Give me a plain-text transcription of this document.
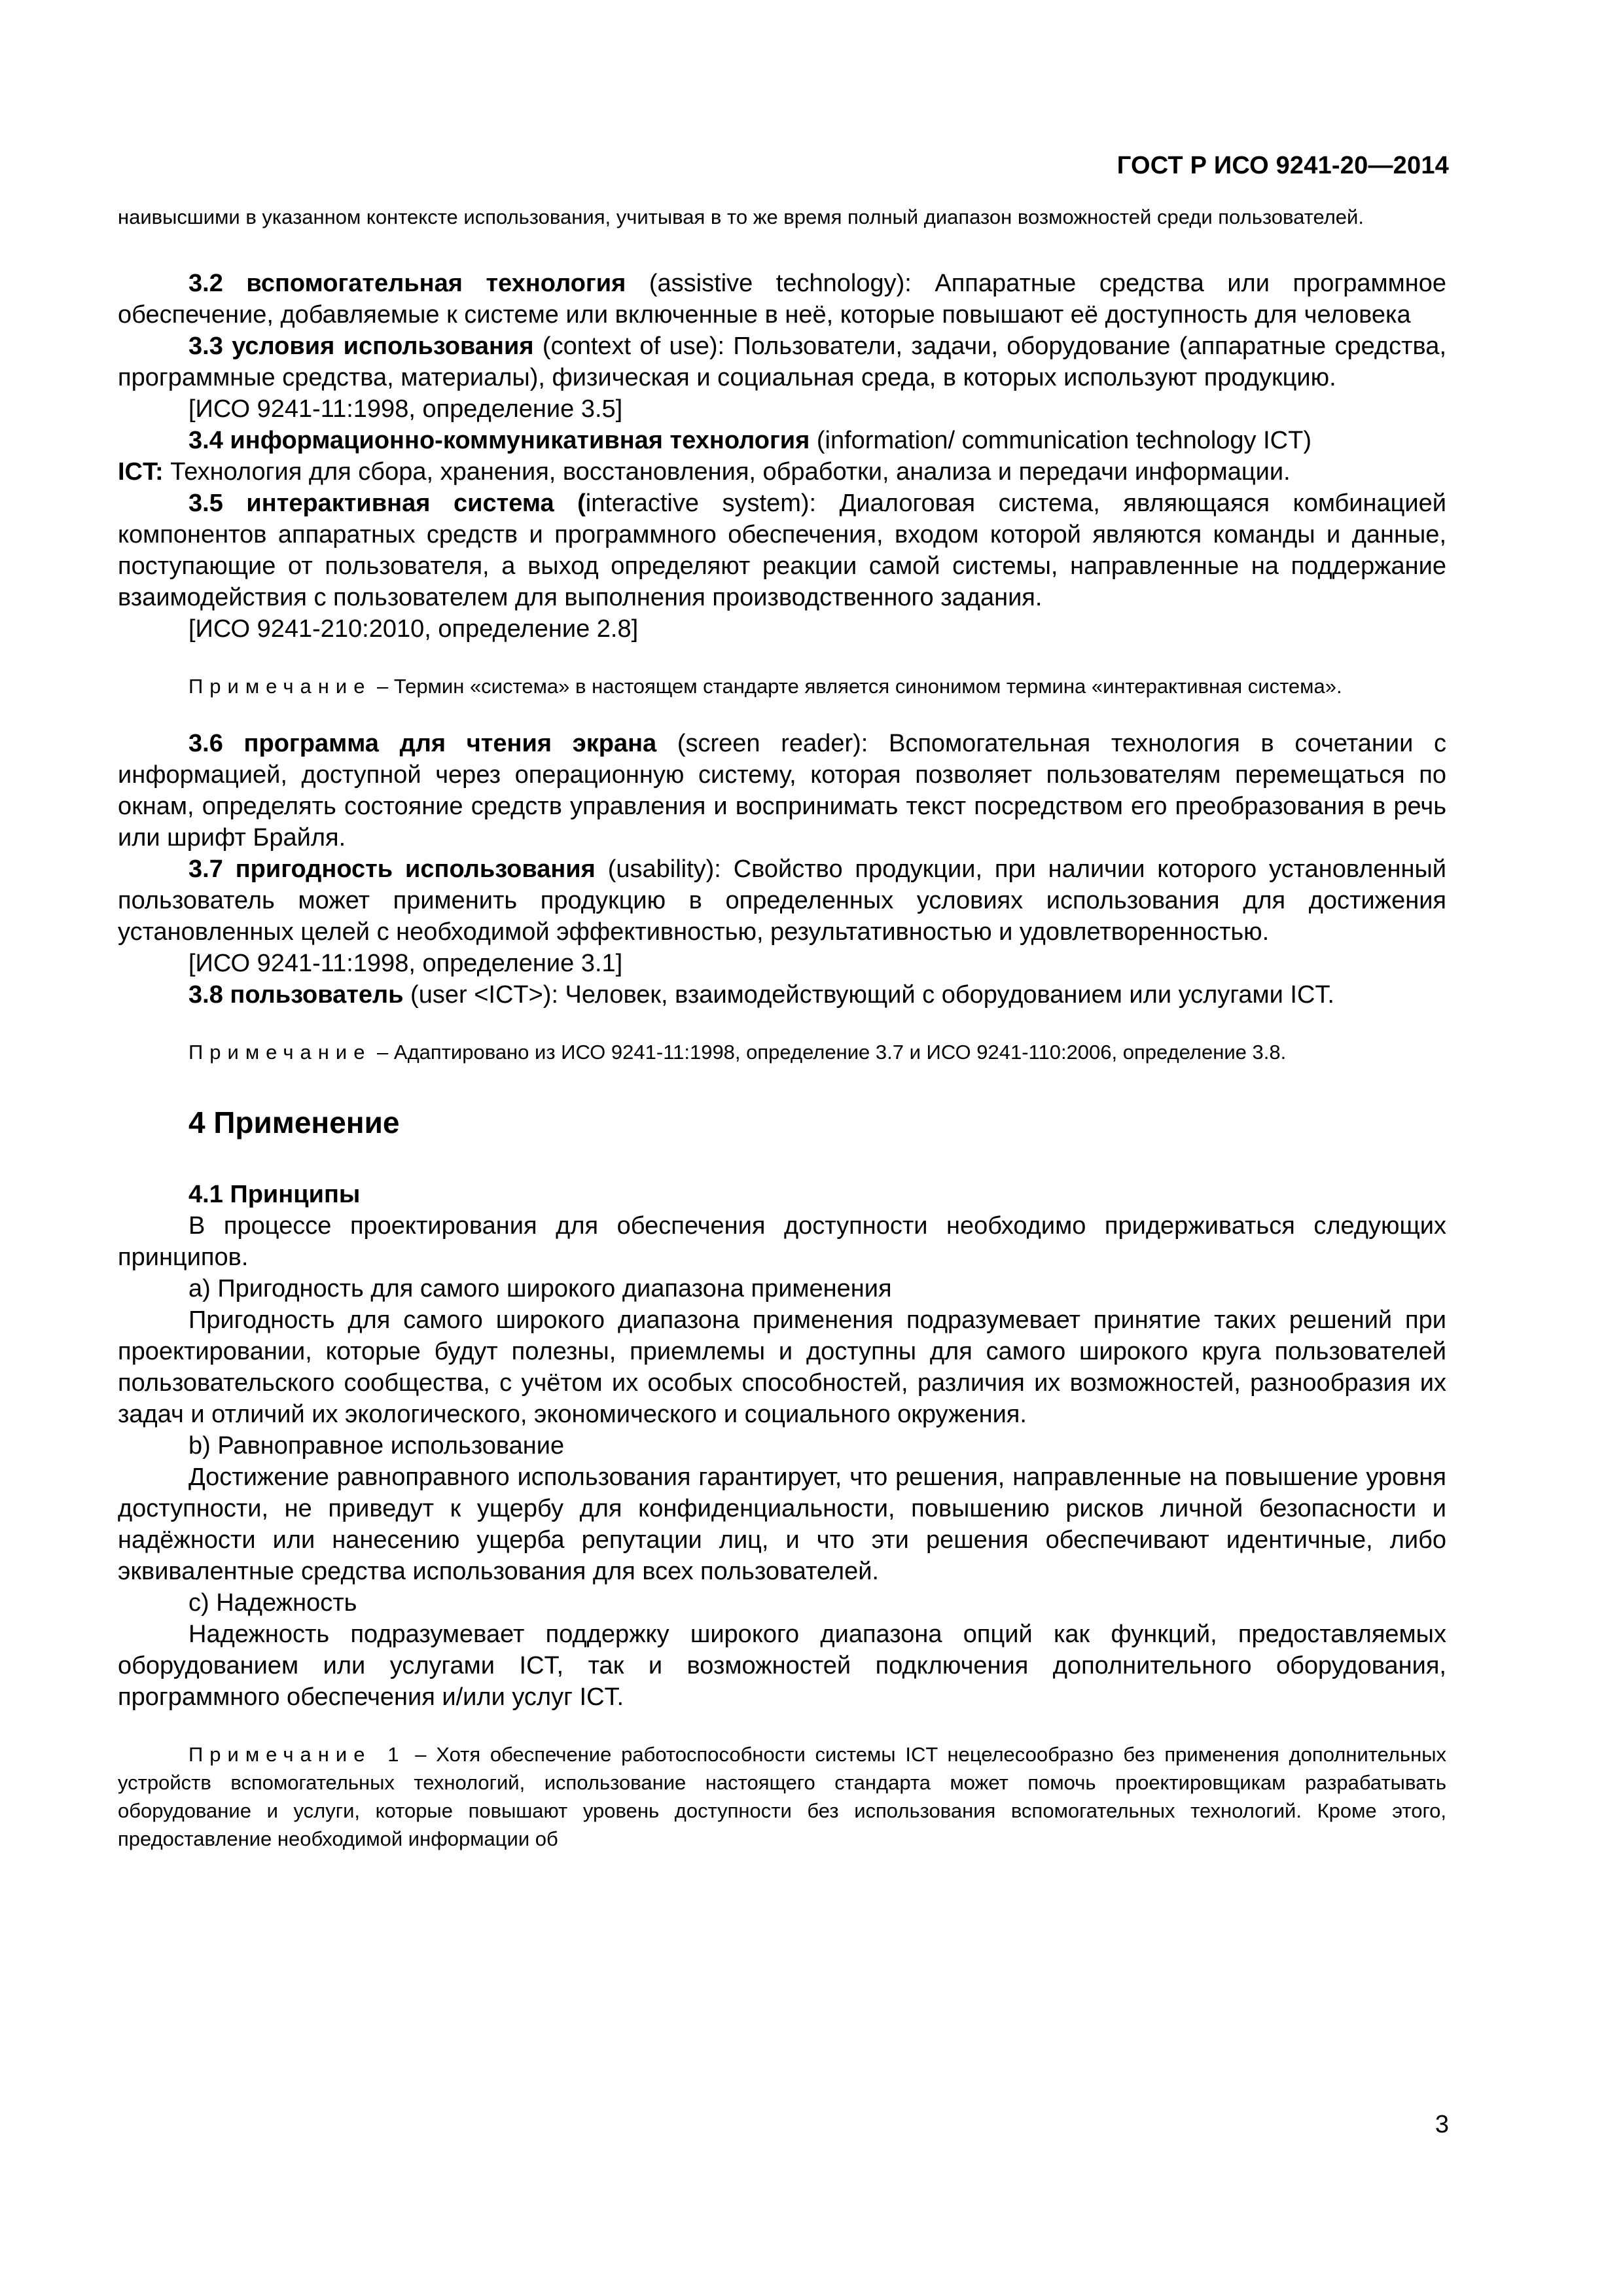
ГОСТ Р ИСО 9241-20—2014

наивысшими в указанном контексте использования, учитывая в то же время полный диапазон возможностей среди пользователей.

3.2 вспомогательная технология (assistive technology): Аппаратные средства или программное обеспечение, добавляемые к системе или включенные в неё, которые повышают её доступность для человека

3.3 условия использования (context of use): Пользователи, задачи, оборудование (аппаратные средства, программные средства, материалы), физическая и социальная среда, в которых используют продукцию.

[ИСО 9241-11:1998, определение 3.5]

3.4 информационно-коммуникативная технология (information/ communication technology ICT)

ICT: Технология для сбора, хранения, восстановления, обработки, анализа и передачи информации.

3.5 интерактивная система (interactive system): Диалоговая система, являющаяся комбинацией компонентов аппаратных средств и программного обеспечения, входом которой являются команды и данные, поступающие от пользователя, а выход определяют реакции самой системы, направленные на поддержание взаимодействия с пользователем для выполнения производственного задания.

[ИСО 9241-210:2010, определение 2.8]

Примечание – Термин «система» в настоящем стандарте является синонимом термина «интерактивная система».

3.6 программа для чтения экрана (screen reader): Вспомогательная технология в сочетании с информацией, доступной через операционную систему, которая позволяет пользователям перемещаться по окнам, определять состояние средств управления и воспринимать текст посредством его преобразования в речь или шрифт Брайля.

3.7 пригодность использования (usability): Свойство продукции, при наличии которого установленный пользователь может применить продукцию в определенных условиях использования для достижения установленных целей с необходимой эффективностью, результативностью и удовлетворенностью.

[ИСО 9241-11:1998, определение 3.1]

3.8 пользователь (user <ICT>): Человек, взаимодействующий с оборудованием или услугами ICT.

Примечание – Адаптировано из ИСО 9241-11:1998, определение 3.7 и ИСО 9241-110:2006, определение 3.8.

4 Применение
4.1 Принципы

В процессе проектирования для обеспечения доступности необходимо придерживаться следующих принципов.

a) Пригодность для самого широкого диапазона применения

Пригодность для самого широкого диапазона применения подразумевает принятие таких решений при проектировании, которые будут полезны, приемлемы и доступны для самого широкого круга пользователей пользовательского сообщества, с учётом их особых способностей, различия их возможностей, разнообразия их задач и отличий их экологического, экономического и социального окружения.

b) Равноправное использование

Достижение равноправного использования гарантирует, что решения, направленные на повышение уровня доступности, не приведут к ущербу для конфиденциальности, повышению рисков личной безопасности и надёжности или нанесению ущерба репутации лиц, и что эти решения обеспечивают идентичные, либо эквивалентные средства использования для всех пользователей.

c) Надежность

Надежность подразумевает поддержку широкого диапазона опций как функций, предоставляемых оборудованием или услугами ICT, так и возможностей подключения дополнительного оборудования, программного обеспечения и/или услуг ICT.

Примечание 1 – Хотя обеспечение работоспособности системы ICT нецелесообразно без применения дополнительных устройств вспомогательных технологий, использование настоящего стандарта может помочь проектировщикам разрабатывать оборудование и услуги, которые повышают уровень доступности без использования вспомогательных технологий. Кроме этого, предоставление необходимой информации об

3
